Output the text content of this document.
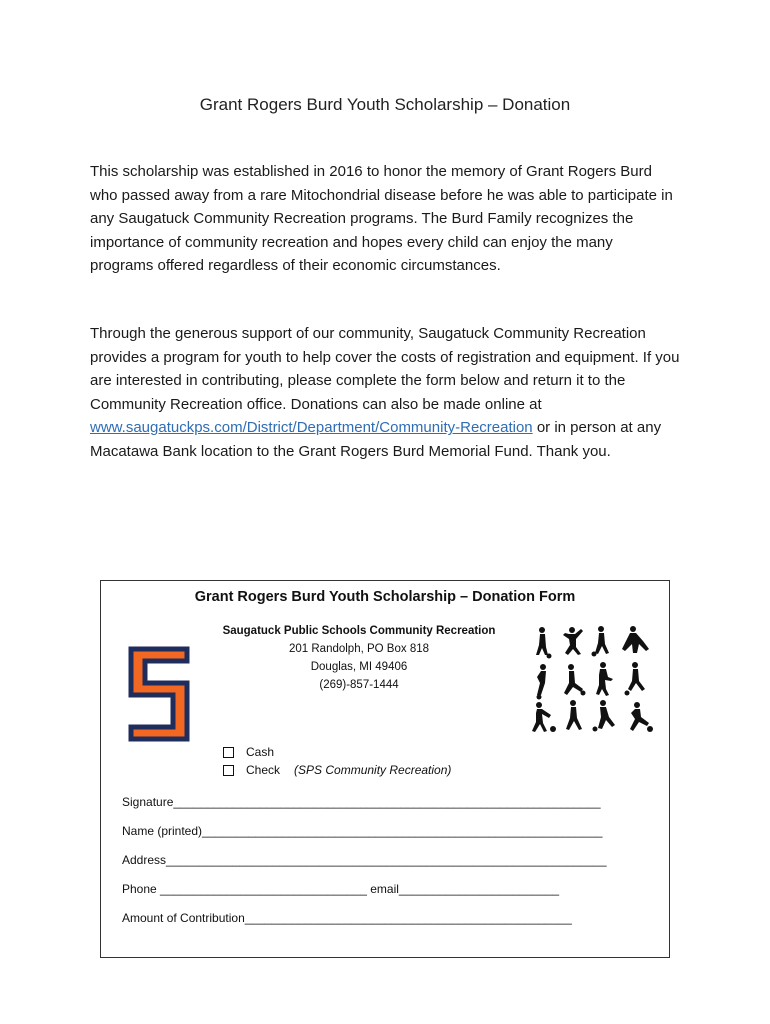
Grant Rogers Burd Youth Scholarship – Donation

This scholarship was established in 2016 to honor the memory of Grant Rogers Burd who passed away from a rare Mitochondrial disease before he was able to participate in any Saugatuck Community Recreation programs. The Burd Family recognizes the importance of community recreation and hopes every child can enjoy the many programs offered regardless of their economic circumstances.

Through the generous support of our community, Saugatuck Community Recreation provides a program for youth to help cover the costs of registration and equipment. If you are interested in contributing, please complete the form below and return it to the Community Recreation office. Donations can also be made online at www.saugatuckps.com/District/Department/Community-Recreation or in person at any Macatawa Bank location to the Grant Rogers Burd Memorial Fund. Thank you.

Grant Rogers Burd Youth Scholarship – Donation Form
Saugatuck Public Schools Community Recreation
201 Randolph, PO Box 818
Douglas, MI 49406
(269)-857-1444
Cash
Check (SPS Community Recreation)
Signature________________________________________________________________
Name (printed)____________________________________________________________
Address__________________________________________________________________
Phone _______________________________ email________________________
Amount of Contribution_________________________________________________
